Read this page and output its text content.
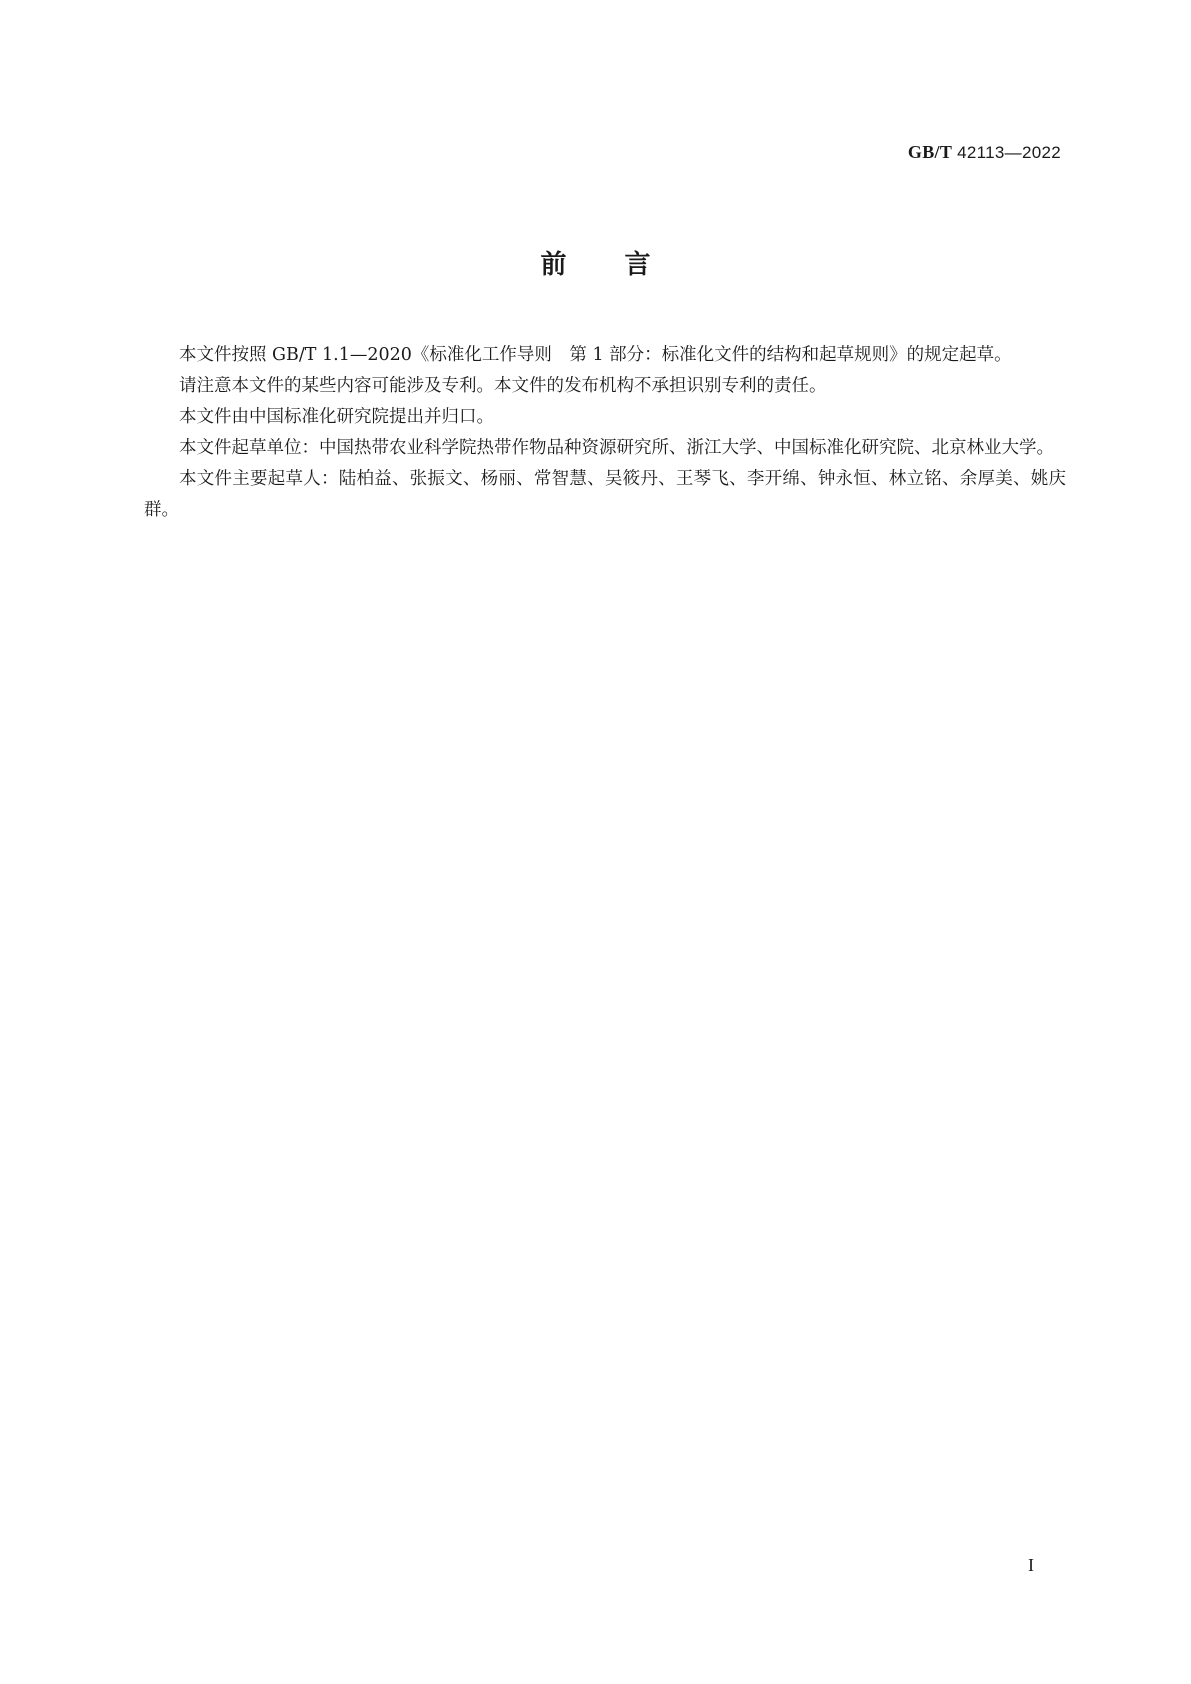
GB/T 42113—2022
前言

本文件按照 GB/T 1.1—2020《标准化工作导则　第 1 部分：标准化文件的结构和起草规则》的规定起草。

请注意本文件的某些内容可能涉及专利。本文件的发布机构不承担识别专利的责任。

本文件由中国标准化研究院提出并归口。

本文件起草单位：中国热带农业科学院热带作物品种资源研究所、浙江大学、中国标准化研究院、北京林业大学。

本文件主要起草人：陆柏益、张振文、杨丽、常智慧、吴筱丹、王琴飞、李开绵、钟永恒、林立铭、余厚美、姚庆群。

I
